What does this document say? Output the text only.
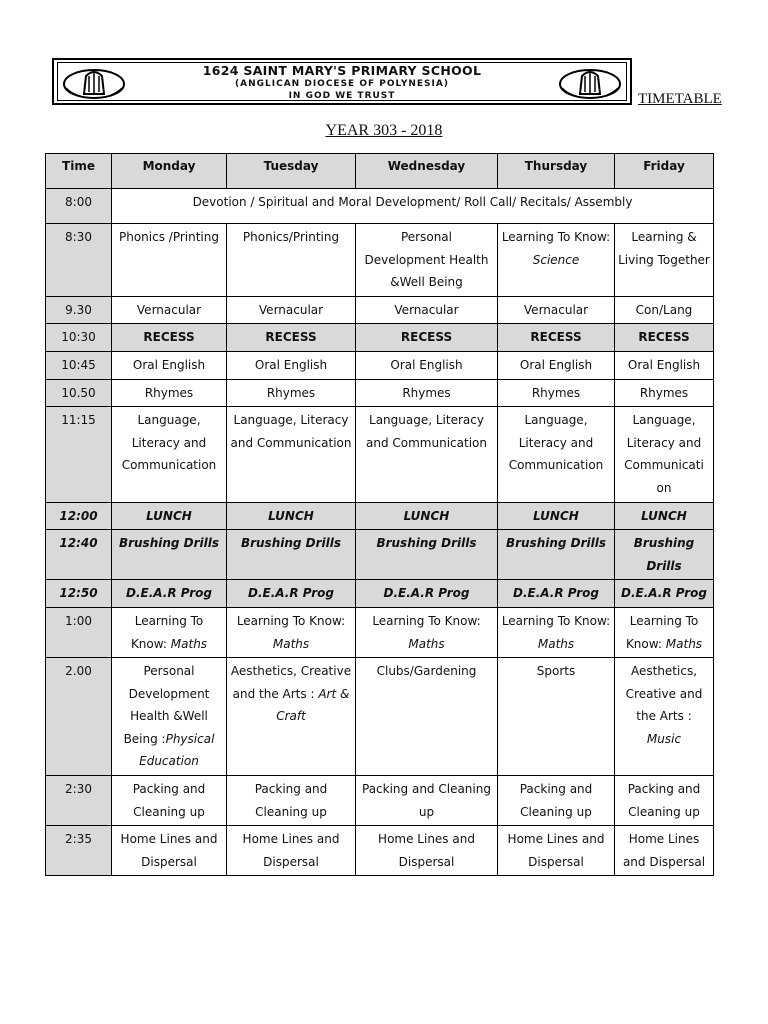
1624 SAINT MARY'S PRIMARY SCHOOL
(ANGLICAN DIOCESE OF POLYNESIA)
IN GOD WE TRUST	TIMETABLE
YEAR 303 - 2018
Time	Monday	Tuesday	Wednesday	Thursday	Friday
8:00	Devotion / Spiritual and Moral Development/ Roll Call/ Recitals/ Assembly				
8:30	Phonics /Printing	Phonics/Printing	Personal Development Health &Well Being	Learning To Know: Science	Learning & Living Together
9.30	Vernacular	Vernacular	Vernacular	Vernacular	Con/Lang
10:30	RECESS	RECESS	RECESS	RECESS	RECESS
10:45	Oral English	Oral English	Oral English	Oral English	Oral English
10.50	Rhymes	Rhymes	Rhymes	Rhymes	Rhymes
11:15	Language, Literacy and Communication	Language, Literacy and Communication	Language, Literacy and Communication	Language, Literacy and Communication	Language, Literacy and Communicati on
12:00	LUNCH	LUNCH	LUNCH	LUNCH	LUNCH
12:40	Brushing Drills	Brushing Drills	Brushing Drills	Brushing Drills	Brushing Drills
12:50	D.E.A.R Prog	D.E.A.R Prog	D.E.A.R Prog	D.E.A.R Prog	D.E.A.R Prog
1:00	Learning To Know: Maths	Learning To Know: Maths	Learning To Know: Maths	Learning To Know: Maths	Learning To Know: Maths
2.00	Personal Development Health &Well Being :Physical Education	Aesthetics, Creative and the Arts : Art & Craft	Clubs/Gardening	Sports	Aesthetics, Creative and the Arts : Music
2:30	Packing and Cleaning up	Packing and Cleaning up	Packing and Cleaning up	Packing and Cleaning up	Packing and Cleaning up
2:35	Home Lines and Dispersal	Home Lines and Dispersal	Home Lines and Dispersal	Home Lines and Dispersal	Home Lines and Dispersal
